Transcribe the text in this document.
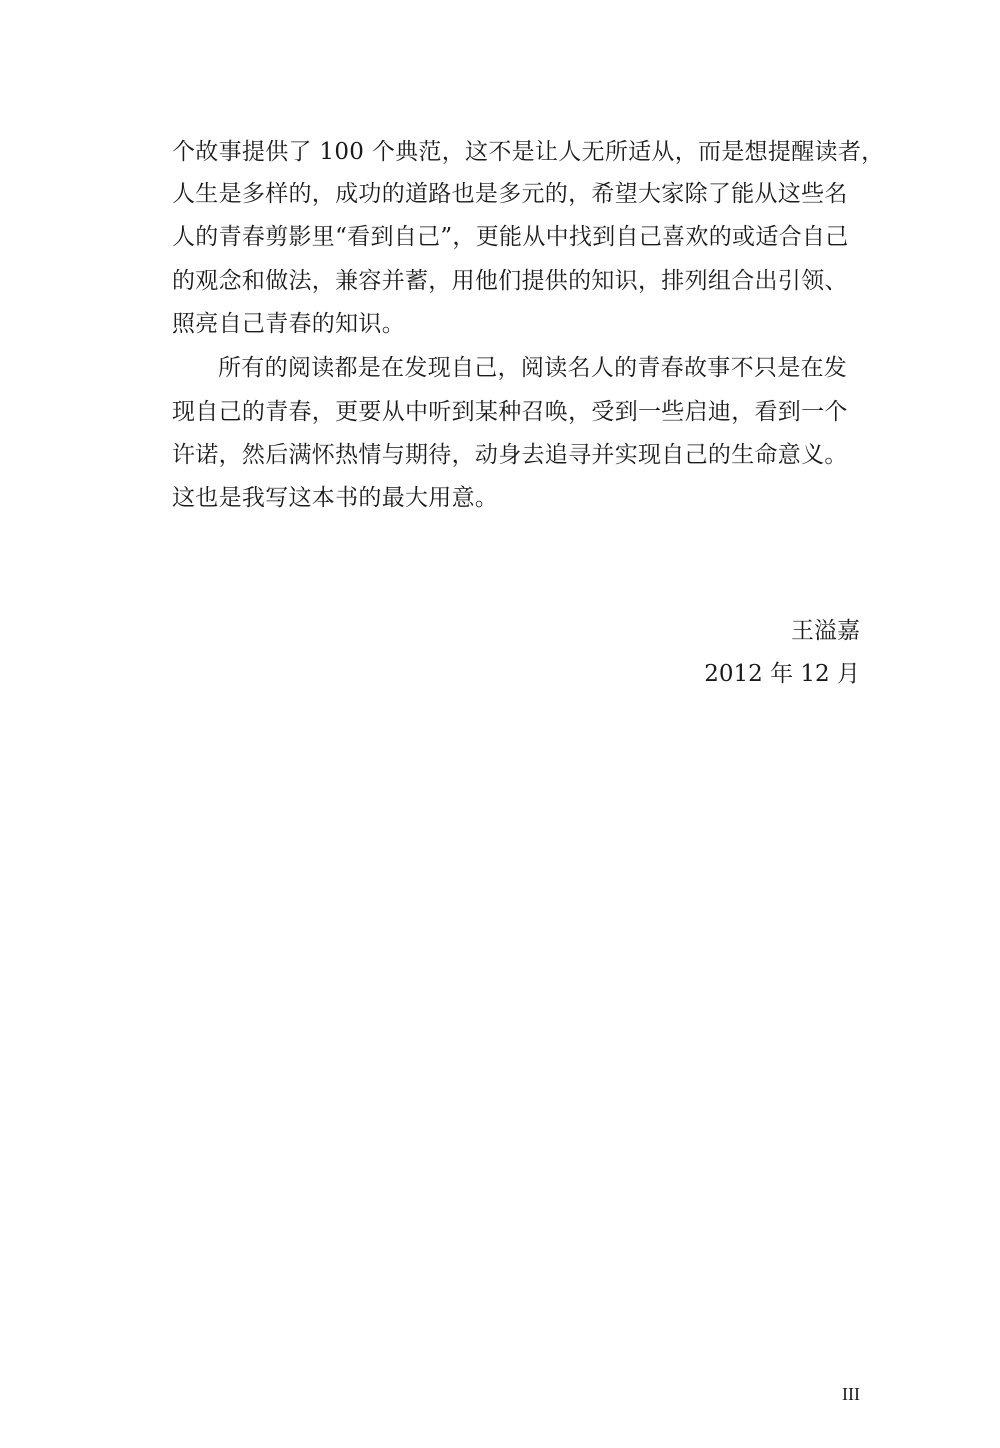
个故事提供了 100 个典范，这不是让人无所适从，而是想提醒读者，
人生是多样的，成功的道路也是多元的，希望大家除了能从这些名
人的青春剪影里“看到自己”，更能从中找到自己喜欢的或适合自己
的观念和做法，兼容并蓄，用他们提供的知识，排列组合出引领、
照亮自己青春的知识。
所有的阅读都是在发现自己，阅读名人的青春故事不只是在发
现自己的青春，更要从中听到某种召唤，受到一些启迪，看到一个
许诺，然后满怀热情与期待，动身去追寻并实现自己的生命意义。
这也是我写这本书的最大用意。
王溢嘉
2012 年 12 月
III
